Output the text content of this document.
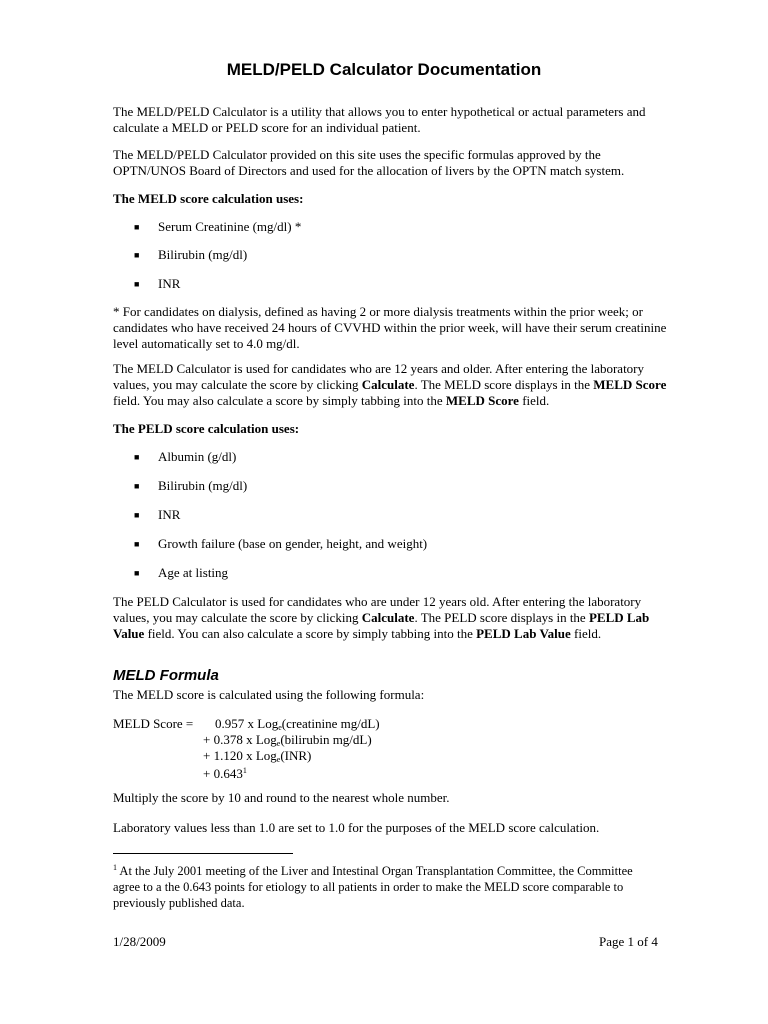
MELD/PELD Calculator Documentation

The MELD/PELD Calculator is a utility that allows you to enter hypothetical or actual parameters and calculate a MELD or PELD score for an individual patient.

The MELD/PELD Calculator provided on this site uses the specific formulas approved by the OPTN/UNOS Board of Directors and used for the allocation of livers by the OPTN match system.

The MELD score calculation uses:

■ Serum Creatinine (mg/dl) *
■ Bilirubin (mg/dl)
■ INR

* For candidates on dialysis, defined as having 2 or more dialysis treatments within the prior week; or candidates who have received 24 hours of CVVHD within the prior week, will have their serum creatinine level automatically set to 4.0 mg/dl.

The MELD Calculator is used for candidates who are 12 years and older. After entering the laboratory values, you may calculate the score by clicking Calculate. The MELD score displays in the MELD Score field. You may also calculate a score by simply tabbing into the MELD Score field.

The PELD score calculation uses:

■ Albumin (g/dl)
■ Bilirubin (mg/dl)
■ INR
■ Growth failure (base on gender, height, and weight)
■ Age at listing

The PELD Calculator is used for candidates who are under 12 years old. After entering the laboratory values, you may calculate the score by clicking Calculate. The PELD score displays in the PELD Lab Value field. You can also calculate a score by simply tabbing into the PELD Lab Value field.

MELD Formula

The MELD score is calculated using the following formula:

MELD Score = 0.957 x Log$_e$(creatinine mg/dL)
+ 0.378 x Log$_e$(bilirubin mg/dL)
+ 1.120 x Log$_e$(INR)
+ $0.643^1$

Multiply the score by 10 and round to the nearest whole number.

Laboratory values less than 1.0 are set to 1.0 for the purposes of the MELD score calculation.

$^1$ At the July 2001 meeting of the Liver and Intestinal Organ Transplantation Committee, the Committee agree to a the 0.643 points for etiology to all patients in order to make the MELD score comparable to previously published data.
1/28/2009	Page 1 of 4
